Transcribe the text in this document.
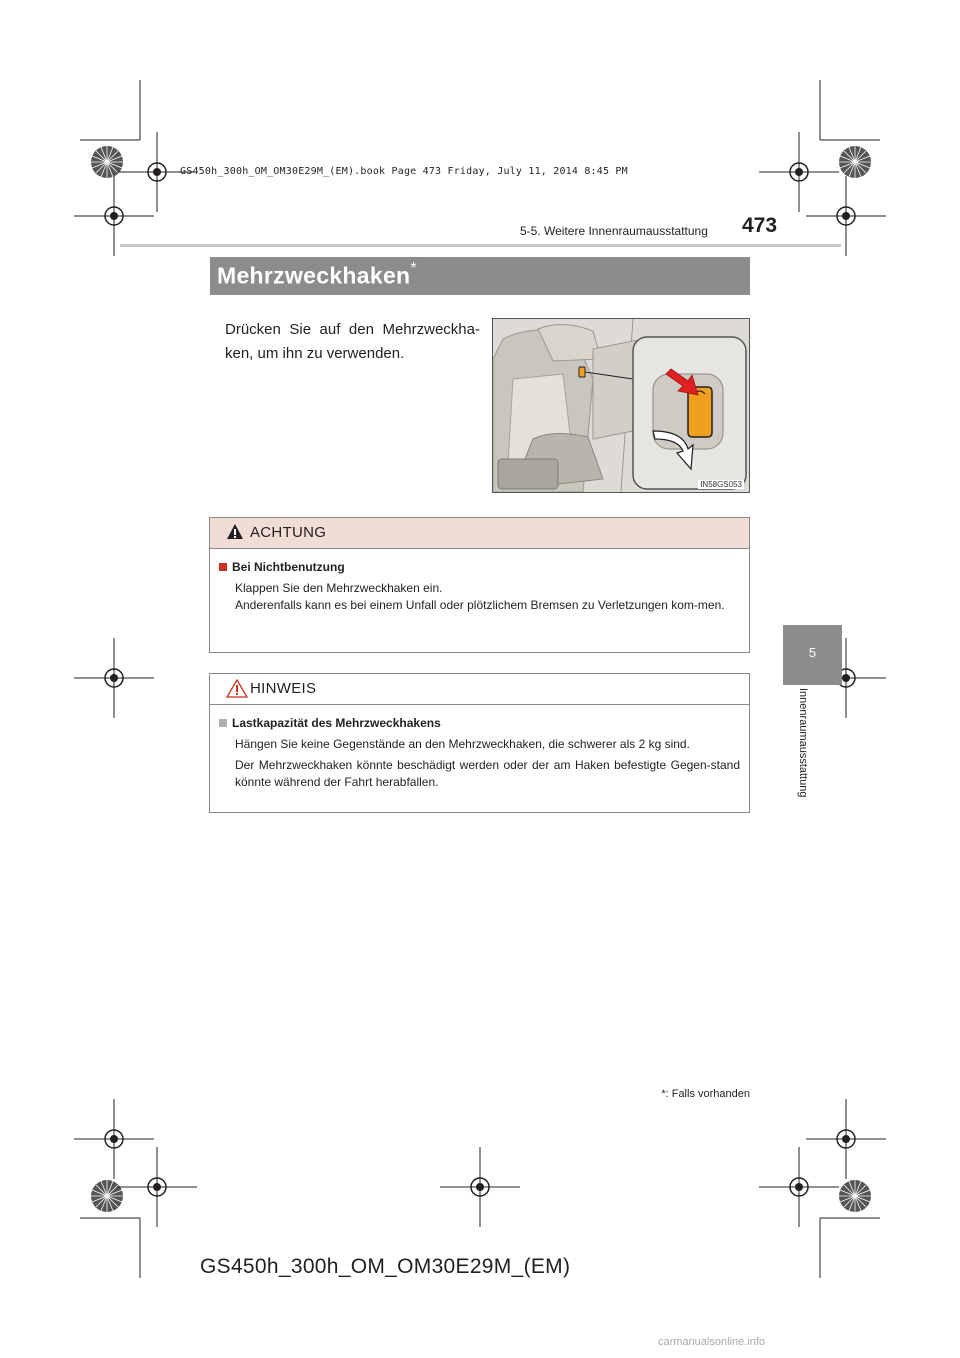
GS450h_300h_OM_OM30E29M_(EM).book Page 473 Friday, July 11, 2014 8:45 PM
5-5. Weitere Innenraumausstattung 473
Mehrzweckhaken*
Drücken Sie auf den Mehrzweckha-ken, um ihn zu verwenden.
IN58GS053
ACHTUNG
Bei Nichtbenutzung

Klappen Sie den Mehrzweckhaken ein.

Anderenfalls kann es bei einem Unfall oder plötzlichem Bremsen zu Verletzungen kom-men.

HINWEIS
Lastkapazität des Mehrzweckhakens

Hängen Sie keine Gegenstände an den Mehrzweckhaken, die schwerer als 2 kg sind.

Der Mehrzweckhaken könnte beschädigt werden oder der am Haken befestigte Gegen-stand könnte während der Fahrt herabfallen.

5
Innenraumausstattung
*: Falls vorhanden
GS450h_300h_OM_OM30E29M_(EM)
carmanualsonline.info
